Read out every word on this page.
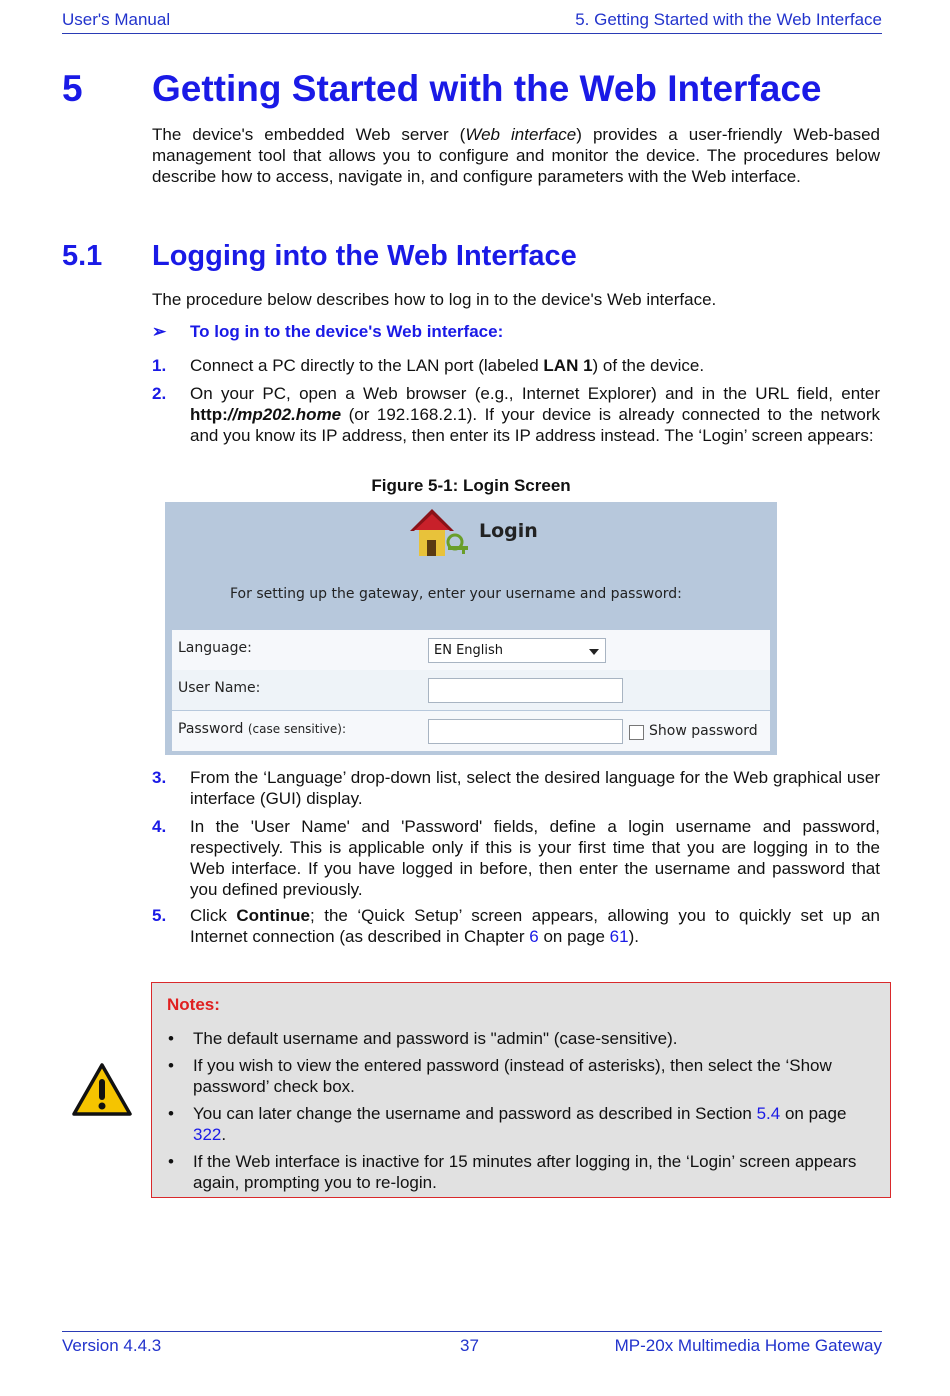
User's Manual	5. Getting Started with the Web Interface
5 Getting Started with the Web Interface

The device's embedded Web server (Web interface) provides a user-friendly Web-based management tool that allows you to configure and monitor the device. The procedures below describe how to access, navigate in, and configure parameters with the Web interface.

5.1 Logging into the Web Interface

The procedure below describes how to log in to the device's Web interface.

➢ To log in to the device's Web interface:
1. Connect a PC directly to the LAN port (labeled LAN 1) of the device.
2. On your PC, open a Web browser (e.g., Internet Explorer) and in the URL field, enter http://mp202.home (or 192.168.2.1). If your device is already connected to the network and you know its IP address, then enter its IP address instead. The ‘Login’ screen appears:
Figure 5-1: Login Screen
Login
For setting up the gateway, enter your username and password:
Language:	EN English
User Name:
Password (case sensitive):	Show password
3. From the ‘Language’ drop-down list, select the desired language for the Web graphical user interface (GUI) display.
4. In the 'User Name' and 'Password' fields, define a login username and password, respectively. This is applicable only if this is your first time that you are logging in to the Web interface. If you have logged in before, then enter the username and password that you defined previously.
5. Click Continue; the ‘Quick Setup’ screen appears, allowing you to quickly set up an Internet connection (as described in Chapter 6 on page 61).
Notes:
• The default username and password is "admin" (case-sensitive).
• If you wish to view the entered password (instead of asterisks), then select the ‘Show password’ check box.
• You can later change the username and password as described in Section 5.4 on page 322.
• If the Web interface is inactive for 15 minutes after logging in, the ‘Login’ screen appears again, prompting you to re-login.
Version 4.4.3	37	MP-20x Multimedia Home Gateway
